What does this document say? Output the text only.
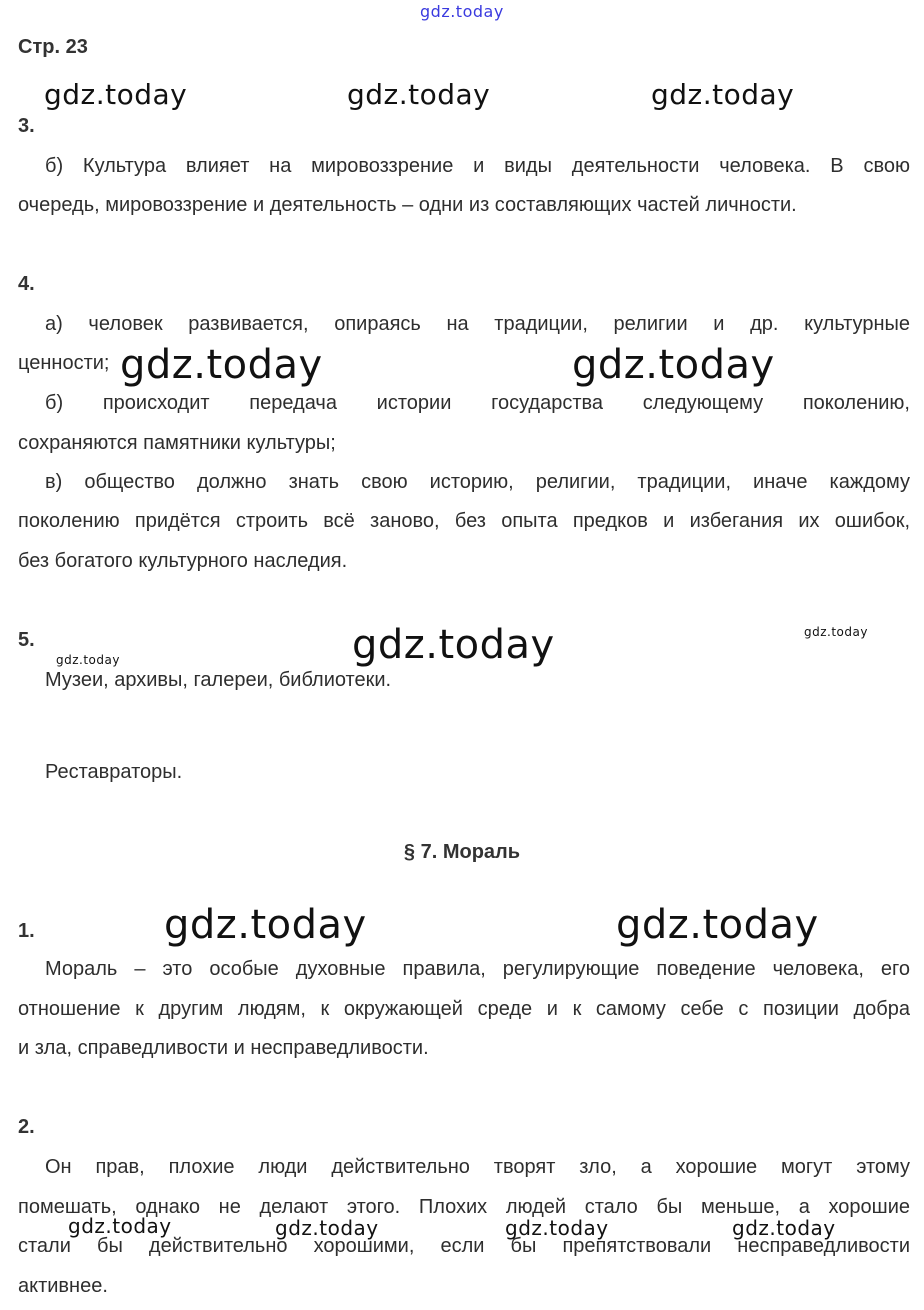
gdz.today
Стр. 23
3.
б) Культура влияет на мировоззрение и виды деятельности человека. В свою
очередь, мировоззрение и деятельность – одни из составляющих частей личности.
4.
а) человек развивается, опираясь на традиции, религии и др. культурные
ценности;
б) происходит передача истории государства следующему поколению,
сохраняются памятники культуры;
в) общество должно знать свою историю, религии, традиции, иначе каждому
поколению придётся строить всё заново, без опыта предков и избегания их ошибок,
без богатого культурного наследия.
5.
Музеи, архивы, галереи, библиотеки.
Реставраторы.
§ 7. Мораль
1.
Мораль – это особые духовные правила, регулирующие поведение человека, его
отношение к другим людям, к окружающей среде и к самому себе с позиции добра
и зла, справедливости и несправедливости.
2.
Он прав, плохие люди действительно творят зло, а хорошие могут этому
помешать, однако не делают этого. Плохих людей стало бы меньше, а хорошие
стали бы действительно хорошими, если бы препятствовали несправедливости
активнее.
gdz.today	gdz.today	gdz.today
gdz.today	gdz.today
gdz.today
gdz.today
gdz.today
gdz.today	gdz.today
gdz.today	gdz.today	gdz.today	gdz.today
